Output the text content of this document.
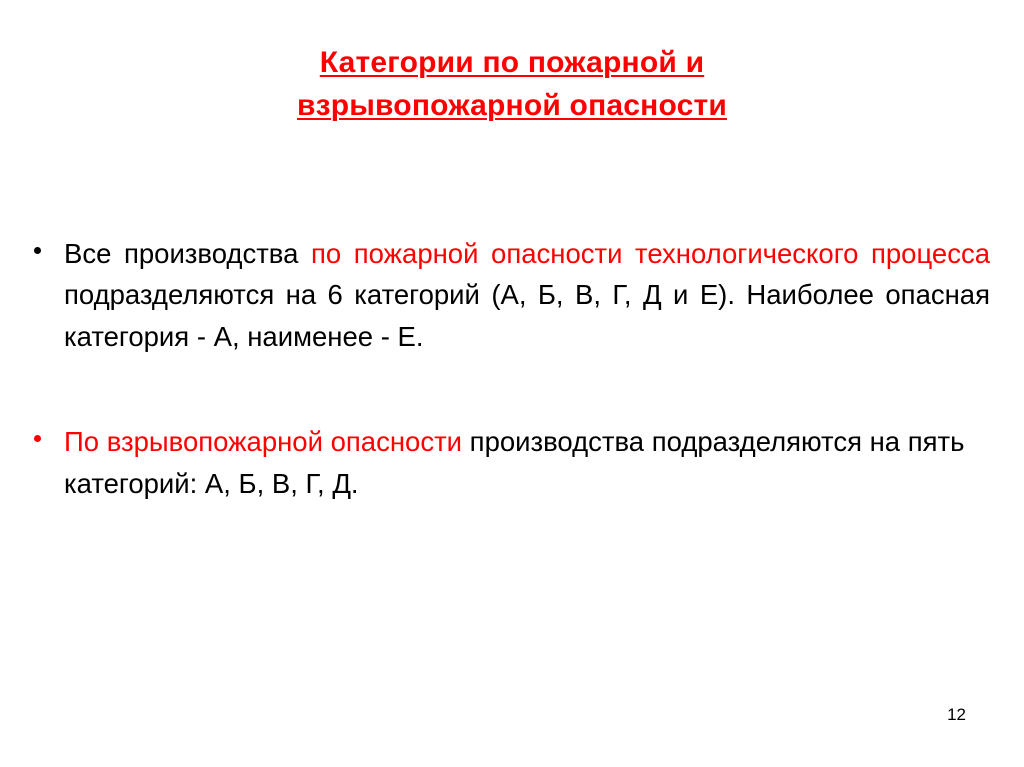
Категории по пожарной и
взрывопожарной опасности

Все производства по пожарной опасности технологического процесса подразделяются на 6 категорий (А, Б, В, Г, Д и Е). Наиболее опасная категория - А, наименее - Е.

По взрывопожарной опасности производства подразделяются на пять категорий: А, Б, В, Г, Д.

12
